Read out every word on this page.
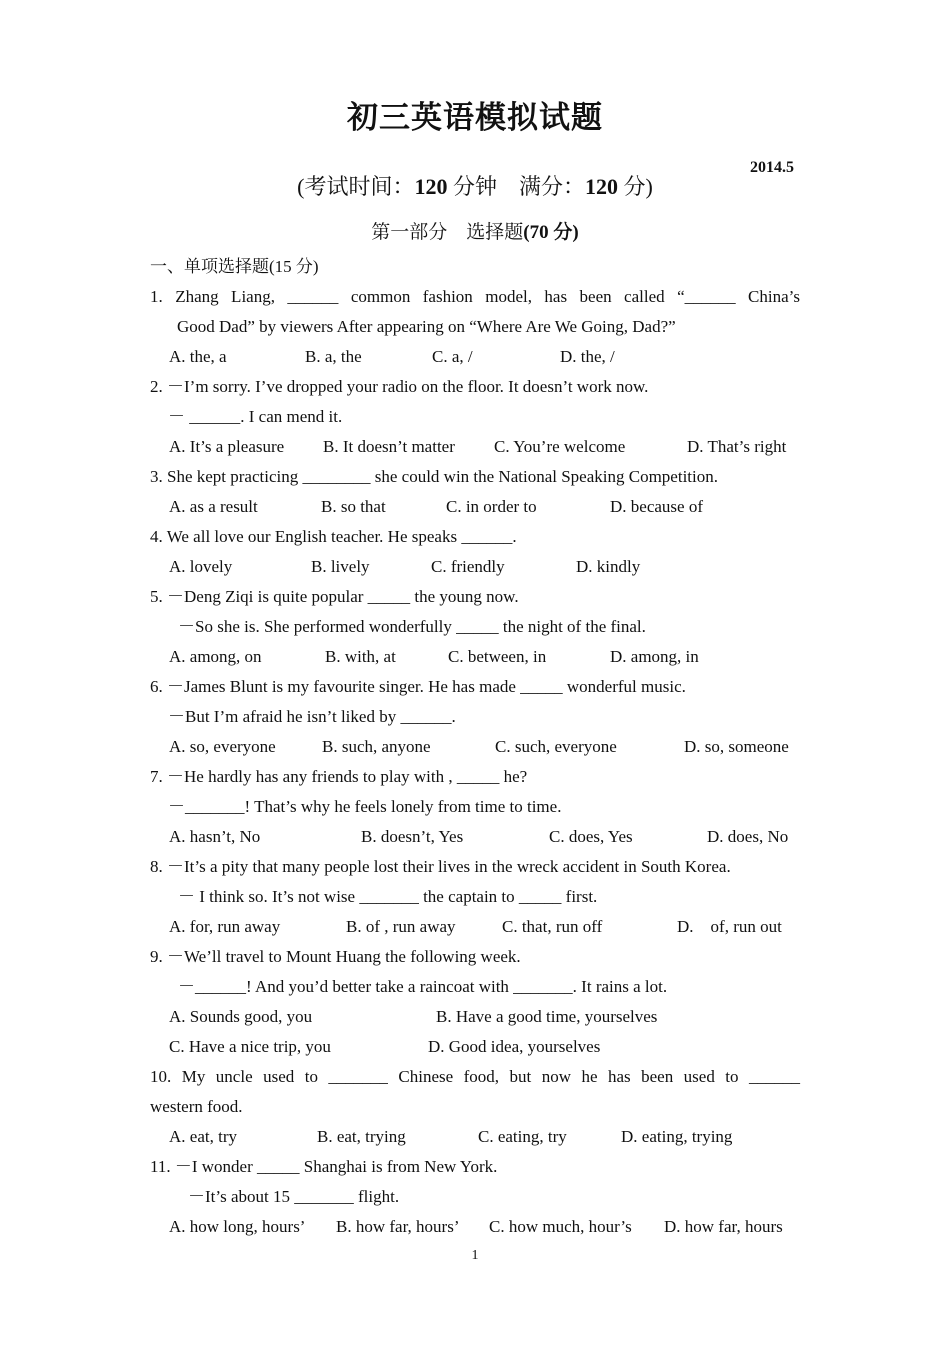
初三英语模拟试题
2014.5
(考试时间：120 分钟　满分：120 分)
第一部分　选择题(70 分)
一、单项选择题(15 分)
1. Zhang Liang, ______ common fashion model, has been called “______ China’s
Good Dad” by viewers After appearing on “Where Are We Going, Dad?”
A. the, a	B. a, the	C. a, /	D. the, /
2. －I’m sorry. I’ve dropped your radio on the floor. It doesn’t work now.
－ ______. I can mend it.
A. It’s a pleasure B. It doesn’t matter C. You’re welcome	D. That’s right
3. She kept practicing ________ she could win the National Speaking Competition.
A. as a result	B. so that	C. in order to	D. because of
4. We all love our English teacher. He speaks ______.
A. lovely	B. lively	C. friendly	D. kindly
5. －Deng Ziqi is quite popular _____ the young now.
－So she is. She performed wonderfully _____ the night of the final.
A. among, on	B. with, at	C. between, in	D. among, in
6. －James Blunt is my favourite singer. He has made _____ wonderful music.
－But I’m afraid he isn’t liked by ______.
A. so, everyone	B. such, anyone	C. such, everyone	D. so, someone
7. －He hardly has any friends to play with , _____ he?
－_______! That’s why he feels lonely from time to time.
A. hasn’t, No	B. doesn’t, Yes	C. does, Yes	D. does, No
8. －It’s a pity that many people lost their lives in the wreck accident in South Korea.
－ I think so. It’s not wise _______ the captain to _____ first.
A. for, run away	B. of , run away	C. that, run off	D.　of, run out
9. －We’ll travel to Mount Huang the following week.
－______! And you’d better take a raincoat with _______. It rains a lot.
A. Sounds good, you	B. Have a good time, yourselves
C. Have a nice trip, you	D. Good idea, yourselves
10. My uncle used to _______ Chinese food, but now he has been used to ______
western food.
A. eat, try	B. eat, trying	C. eating, try	D. eating, trying
11. －I wonder _____ Shanghai is from New York.
－It’s about 15 _______ flight.
A. how long, hours’ B. how far, hours’ C. how much, hour’s D. how far, hours
1
